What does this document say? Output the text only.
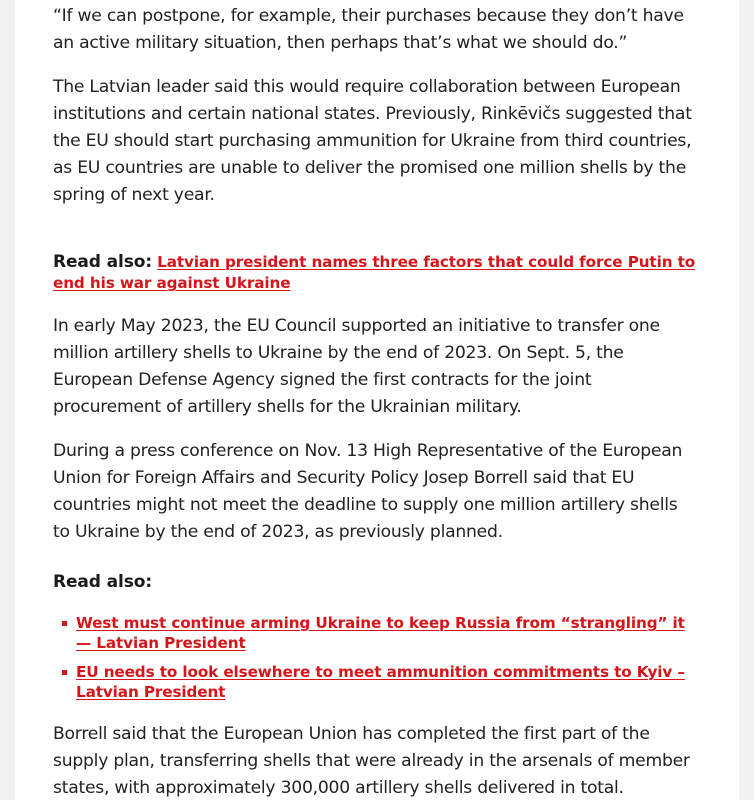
“If we can postpone, for example, their purchases because they don’t have an active military situation, then perhaps that’s what we should do.”

The Latvian leader said this would require collaboration between European institutions and certain national states. Previously, Rinkēvičs suggested that the EU should start purchasing ammunition for Ukraine from third countries, as EU countries are unable to deliver the promised one million shells by the spring of next year.

Read also: Latvian president names three factors that could force Putin to end his war against Ukraine

In early May 2023, the EU Council supported an initiative to transfer one million artillery shells to Ukraine by the end of 2023. On Sept. 5, the European Defense Agency signed the first contracts for the joint procurement of artillery shells for the Ukrainian military.

During a press conference on Nov. 13 High Representative of the European Union for Foreign Affairs and Security Policy Josep Borrell said that EU countries might not meet the deadline to supply one million artillery shells to Ukraine by the end of 2023, as previously planned.

Read also:
West must continue arming Ukraine to keep Russia from “strangling” it — Latvian President
EU needs to look elsewhere to meet ammunition commitments to Kyiv – Latvian President

Borrell said that the European Union has completed the first part of the supply plan, transferring shells that were already in the arsenals of member states, with approximately 300,000 artillery shells delivered in total.
